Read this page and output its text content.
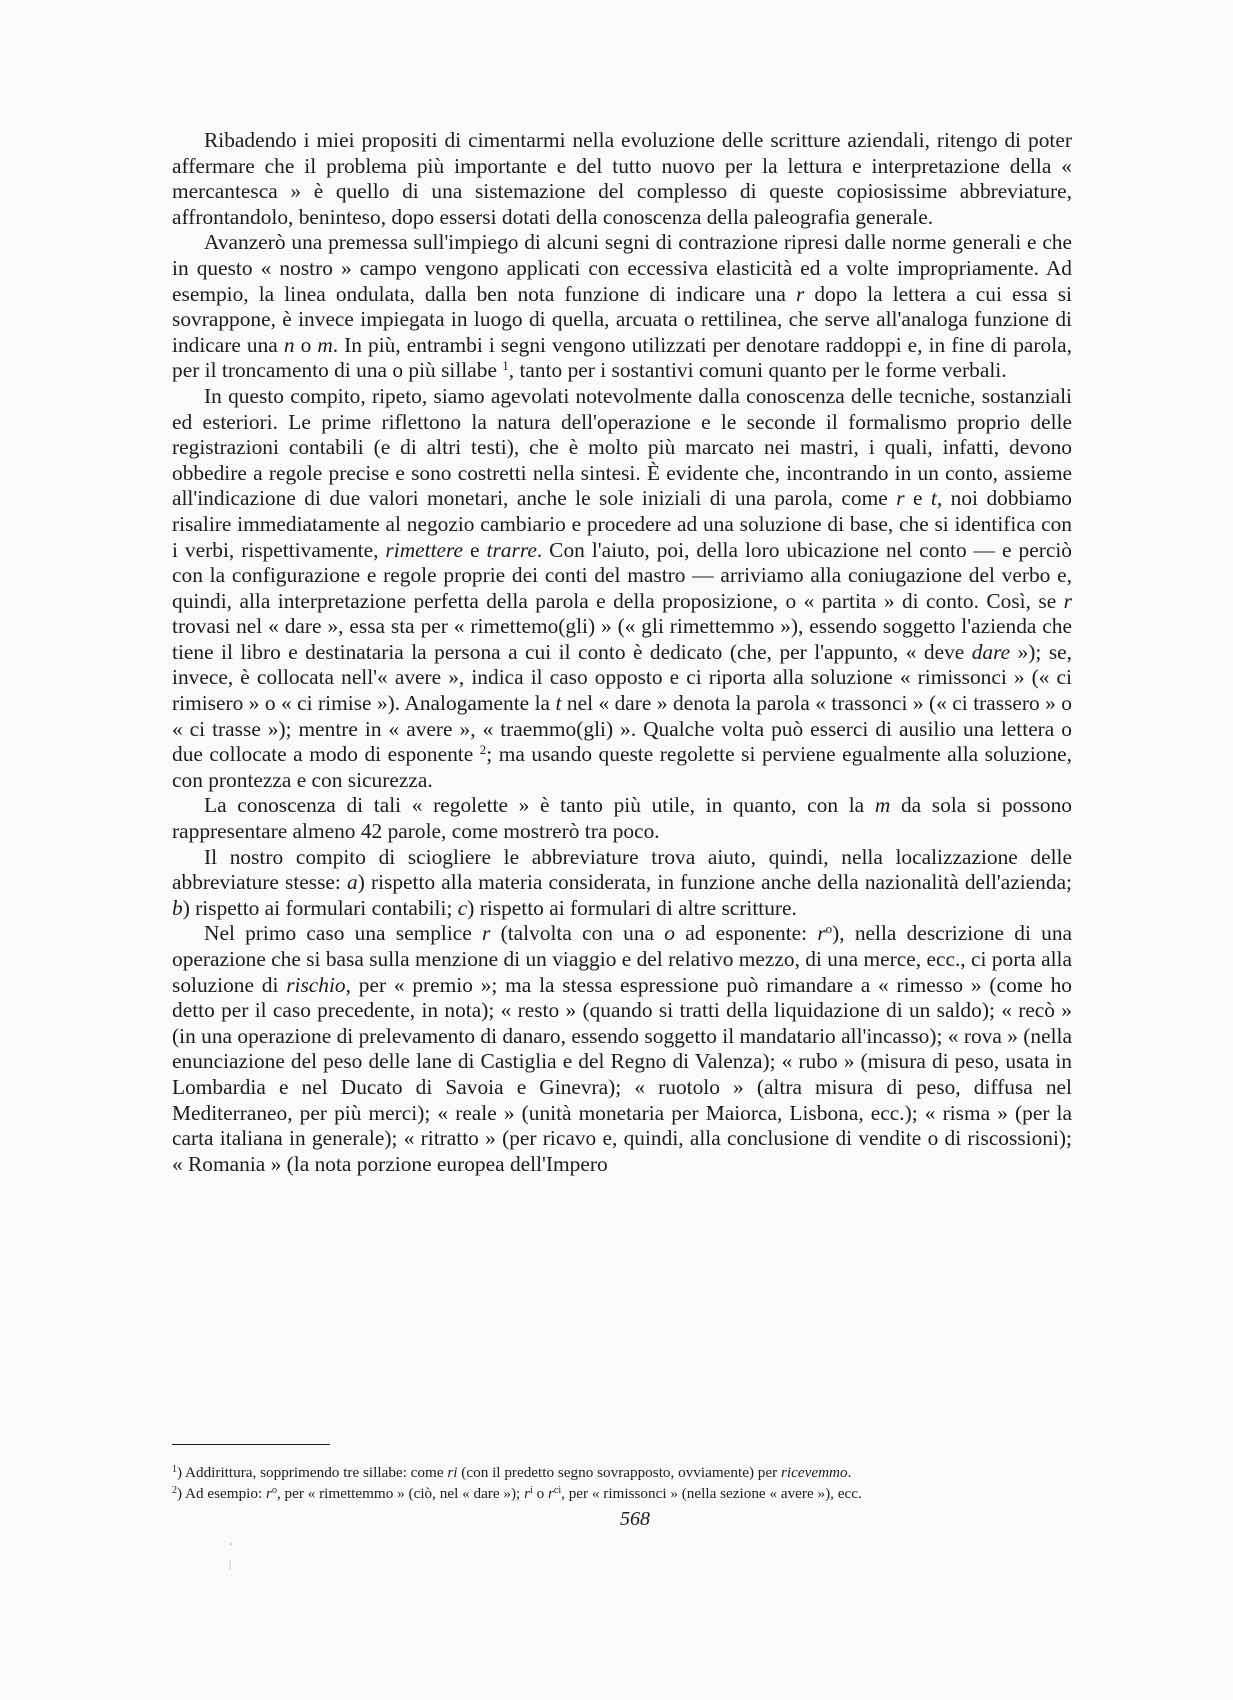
Ribadendo i miei propositi di cimentarmi nella evoluzione delle scritture aziendali, ritengo di poter affermare che il problema più importante e del tutto nuovo per la lettura e interpretazione della « mercantesca » è quello di una sistemazione del complesso di queste copiosissime abbreviature, affrontandolo, beninteso, dopo essersi dotati della conoscenza della paleografia generale.

Avanzerò una premessa sull'impiego di alcuni segni di contrazione ripresi dalle norme generali e che in questo « nostro » campo vengono applicati con eccessiva elasticità ed a volte impropriamente. Ad esempio, la linea ondulata, dalla ben nota funzione di indicare una r dopo la lettera a cui essa si sovrappone, è invece impiegata in luogo di quella, arcuata o rettilinea, che serve all'analoga funzione di indicare una n o m. In più, entrambi i segni vengono utilizzati per denotare raddoppi e, in fine di parola, per il troncamento di una o più sillabe $^1$, tanto per i sostantivi comuni quanto per le forme verbali.

In questo compito, ripeto, siamo agevolati notevolmente dalla conoscenza delle tecniche, sostanziali ed esteriori. Le prime riflettono la natura dell'operazione e le seconde il formalismo proprio delle registrazioni contabili (e di altri testi), che è molto più marcato nei mastri, i quali, infatti, devono obbedire a regole precise e sono costretti nella sintesi. È evidente che, incontrando in un conto, assieme all'indicazione di due valori monetari, anche le sole iniziali di una parola, come r e t, noi dobbiamo risalire immediatamente al negozio cambiario e procedere ad una soluzione di base, che si identifica con i verbi, rispettivamente, rimettere e trarre. Con l'aiuto, poi, della loro ubicazione nel conto — e perciò con la configurazione e regole proprie dei conti del mastro — arriviamo alla coniugazione del verbo e, quindi, alla interpretazione perfetta della parola e della proposizione, o « partita » di conto. Così, se r trovasi nel « dare », essa sta per « rimettemo(gli) » (« gli rimettemmo »), essendo soggetto l'azienda che tiene il libro e destinataria la persona a cui il conto è dedicato (che, per l'appunto, « deve dare »); se, invece, è collocata nell'« avere », indica il caso opposto e ci riporta alla soluzione « rimissonci » (« ci rimisero » o « ci rimise »). Analogamente la t nel « dare » denota la parola « trassonci » (« ci trassero » o « ci trasse »); mentre in « avere », « traemmo(gli) ». Qualche volta può esserci di ausilio una lettera o due collocate a modo di esponente $^2$; ma usando queste regolette si perviene egualmente alla soluzione, con prontezza e con sicurezza.

La conoscenza di tali « regolette » è tanto più utile, in quanto, con la m da sola si possono rappresentare almeno 42 parole, come mostrerò tra poco.

Il nostro compito di sciogliere le abbreviature trova aiuto, quindi, nella localizzazione delle abbreviature stesse: a) rispetto alla materia considerata, in funzione anche della nazionalità dell'azienda; b) rispetto ai formulari contabili; c) rispetto ai formulari di altre scritture.

Nel primo caso una semplice r (talvolta con una o ad esponente: $r^o$), nella descrizione di una operazione che si basa sulla menzione di un viaggio e del relativo mezzo, di una merce, ecc., ci porta alla soluzione di rischio, per « premio »; ma la stessa espressione può rimandare a « rimesso » (come ho detto per il caso precedente, in nota); « resto » (quando si tratti della liquidazione di un saldo); « recò » (in una operazione di prelevamento di danaro, essendo soggetto il mandatario all'incasso); « rova » (nella enunciazione del peso delle lane di Castiglia e del Regno di Valenza); « rubo » (misura di peso, usata in Lombardia e nel Ducato di Savoia e Ginevra); « ruotolo » (altra misura di peso, diffusa nel Mediterraneo, per più merci); « reale » (unità monetaria per Maiorca, Lisbona, ecc.); « risma » (per la carta italiana in generale); « ritratto » (per ricavo e, quindi, alla conclusione di vendite o di riscossioni); « Romania » (la nota porzione europea dell'Impero

$^1$) Addirittura, sopprimendo tre sillabe: come ri (con il predetto segno sovrapposto, ovviamente) per ricevemmo.
$^2$) Ad esempio: $r^o$, per « rimettemmo » (ciò, nel « dare »); $r^i$ o $r^{ci}$, per « rimissonci » (nella sezione « avere »), ecc.
568
